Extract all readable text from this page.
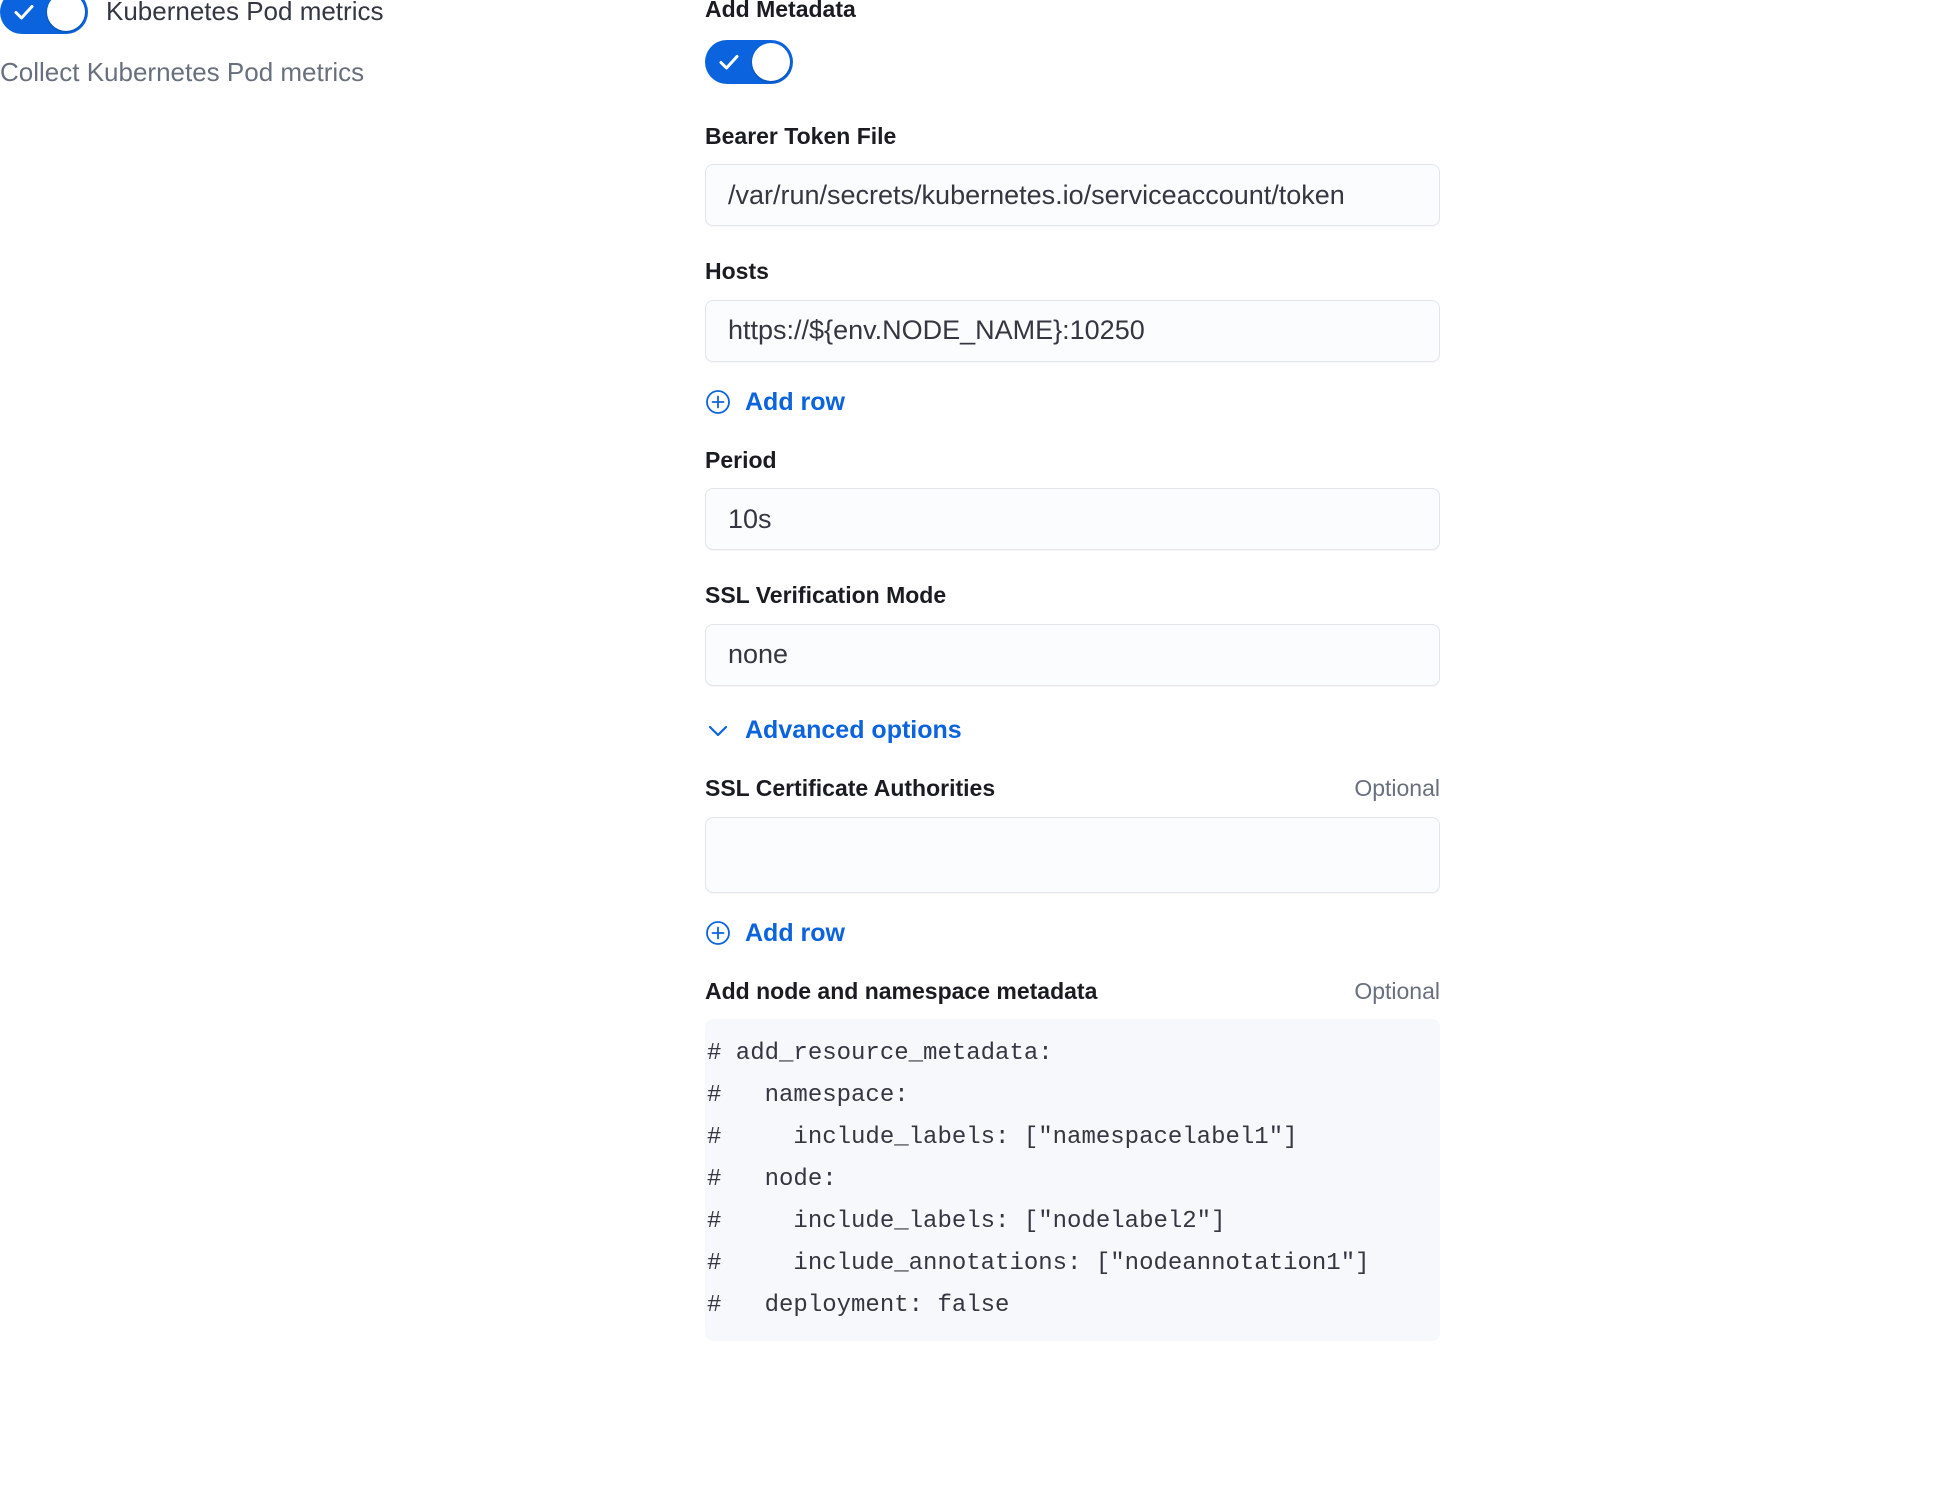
Kubernetes Pod metrics
Collect Kubernetes Pod metrics
Add Metadata
Bearer Token File
/var/run/secrets/kubernetes.io/serviceaccount/token
Hosts
https://${env.NODE_NAME}:10250
Add row
Period
10s
SSL Verification Mode
none
Advanced options
SSL Certificate Authorities	Optional
Add row
Add node and namespace metadata	Optional
# add_resource_metadata:
#   namespace:
#     include_labels: ["namespacelabel1"]
#   node:
#     include_labels: ["nodelabel2"]
#     include_annotations: ["nodeannotation1"]
#   deployment: false
